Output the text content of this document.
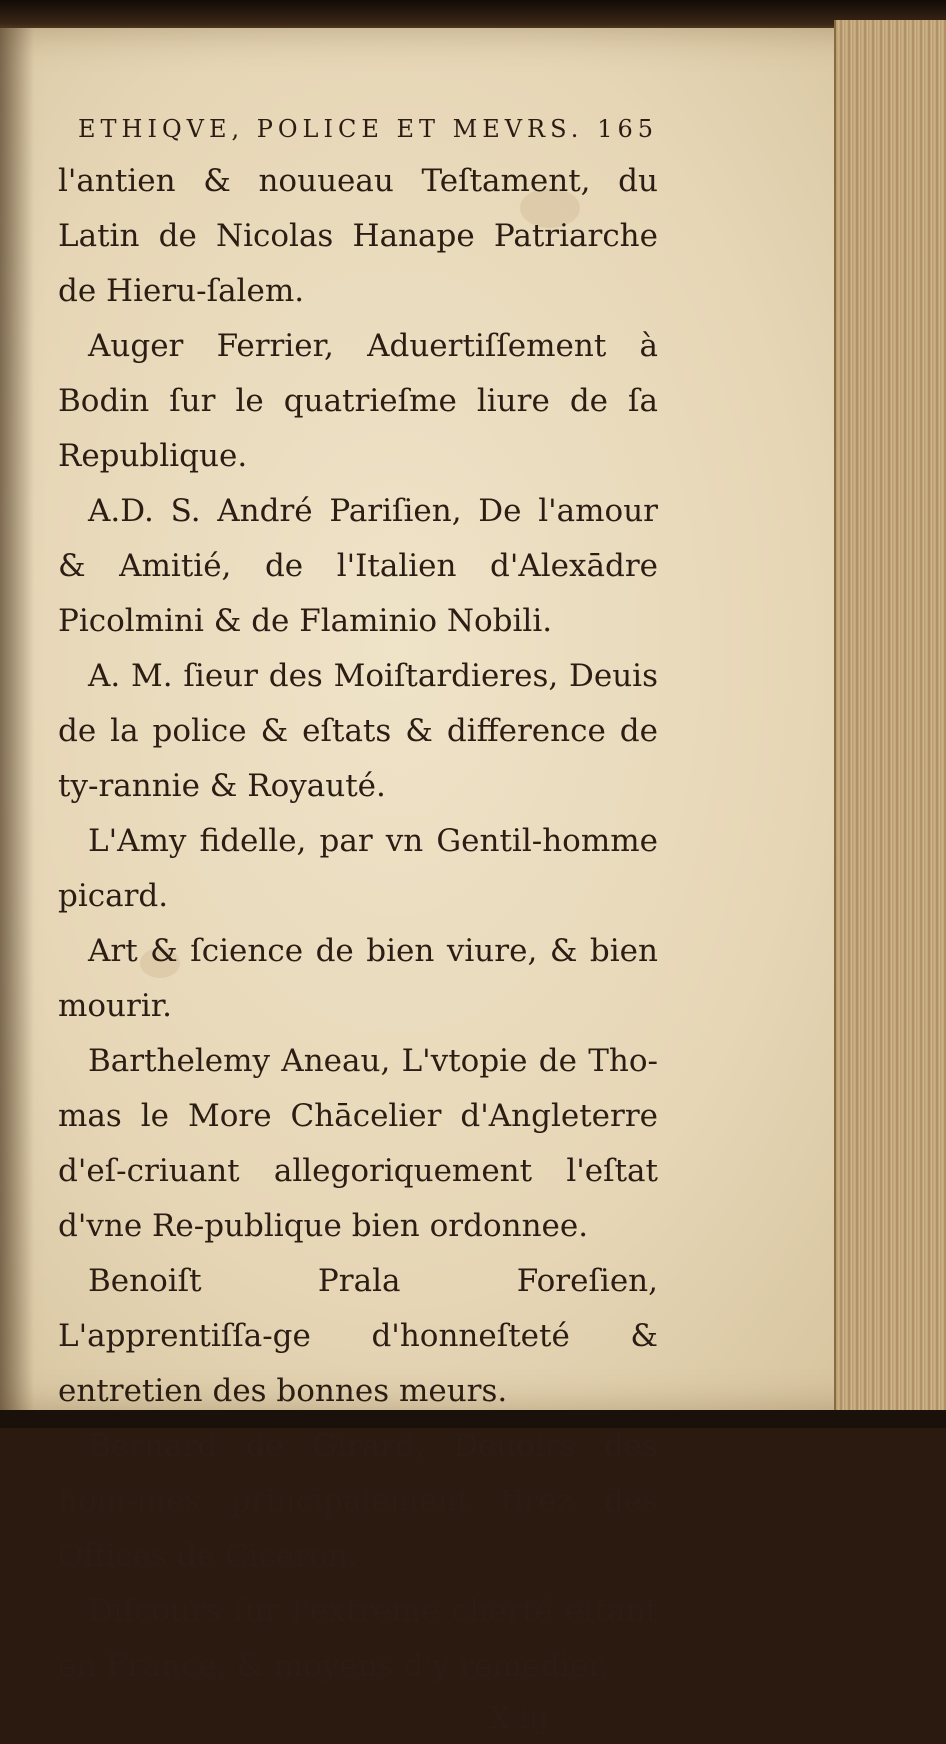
ETHIQVE, POLICE ET MEVRS. 165

l'antien & nouueau Teſtament, du Latin de Nicolas Hanape Patriarche de Hieru-ſalem.

Auger Ferrier, Aduertiſſement à Bodin ſur le quatrieſme liure de ſa Republique.

A.D. S. André Pariſien, De l'amour & Amitié, de l'Italien d'Alexādre Picolmini & de Flaminio Nobili.

A. M. ſieur des Moiſtardieres, Deuis de la police & eſtats & difference de ty-rannie & Royauté.

L'Amy fidelle, par vn Gentil-homme picard.

Art & ſcience de bien viure, & bien mourir.

Barthelemy Aneau, L'vtopie de Tho-mas le More Chācelier d'Angleterre d'eſ-criuant allegoriquement l'eſtat d'vne Re-publique bien ordonnee.

Benoiſt Prala Foreſien, L'apprentiſſa-ge d'honneſteté & entretien des bonnes meurs.

Bernard de Girard, Deuoirs des hom-mes principalement tirez des Offices de Ciceron.

Diſcours ſur l'extreme cherté eſtant en France, & moyens d'y remedier.

X iij
